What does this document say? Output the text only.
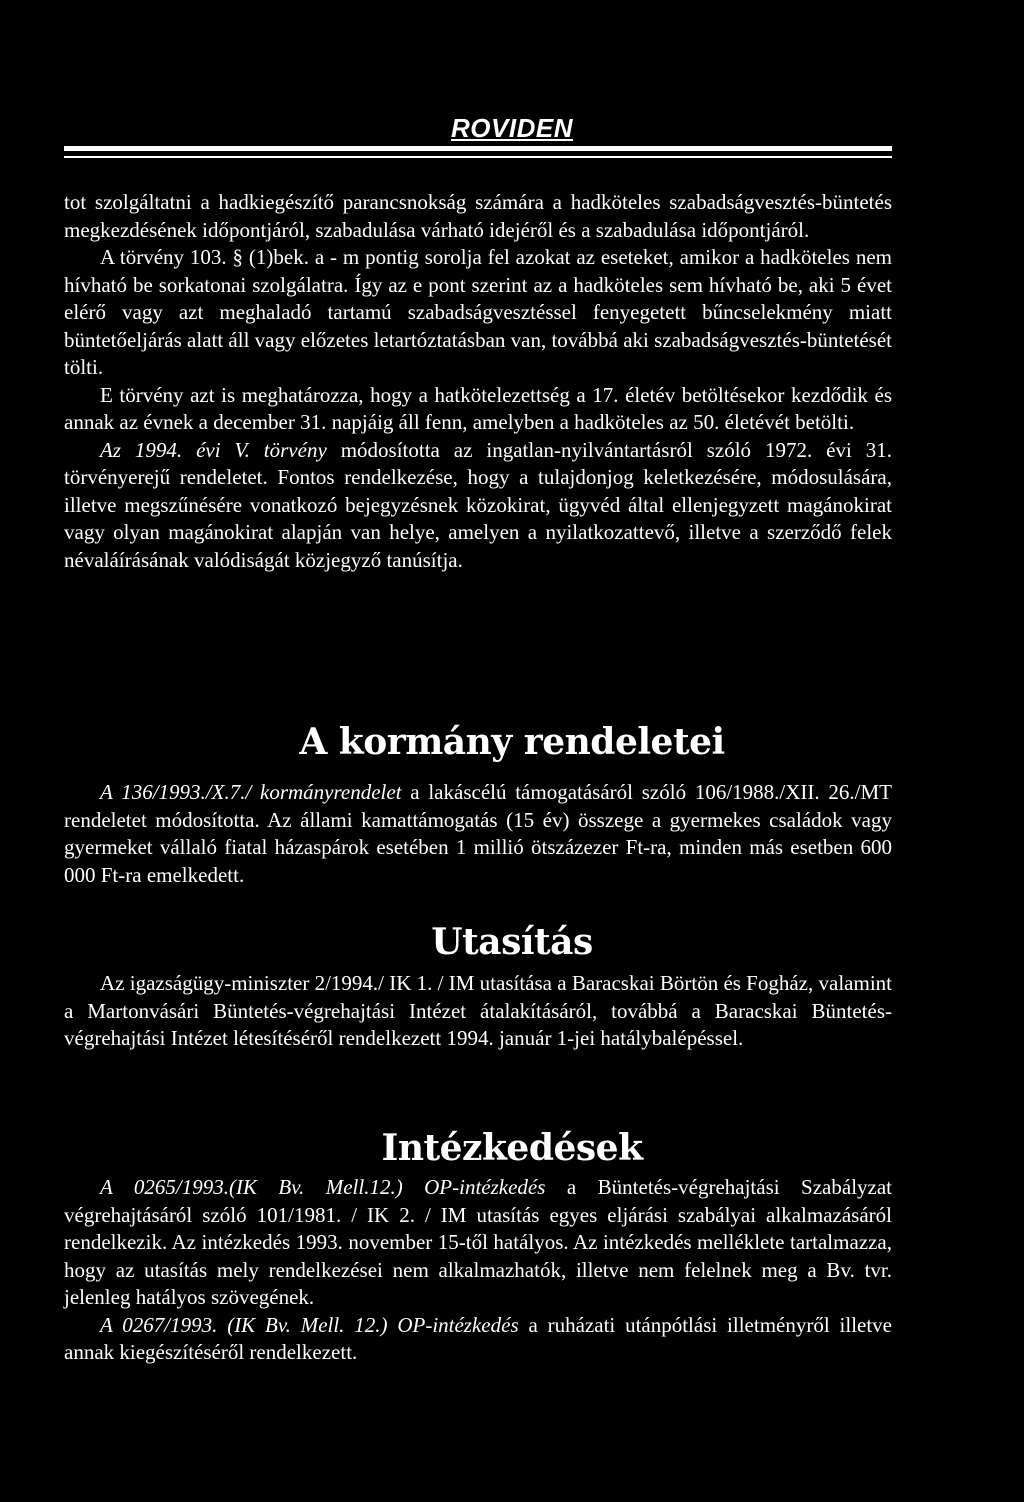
ROVIDEN

tot szolgáltatni a hadkiegészítő parancsnokság számára a hadköteles szabadságvesztés-büntetés megkezdésének időpontjáról, szabadulása várható idejéről és a szabadulása időpontjáról.

A törvény 103. § (1)bek. a - m pontig sorolja fel azokat az eseteket, amikor a hadköteles nem hívható be sorkatonai szolgálatra. Így az e pont szerint az a hadköteles sem hívható be, aki 5 évet elérő vagy azt meghaladó tartamú szabadságvesztéssel fenyegetett bűncselekmény miatt büntetőeljárás alatt áll vagy előzetes letartóztatásban van, továbbá aki szabadságvesztés-büntetését tölti.

E törvény azt is meghatározza, hogy a hatkötelezettség a 17. életév betöltésekor kezdődik és annak az évnek a december 31. napjáig áll fenn, amelyben a hadköteles az 50. életévét betölti.

Az 1994. évi V. törvény módosította az ingatlan-nyilvántartásról szóló 1972. évi 31. törvényerejű rendeletet. Fontos rendelkezése, hogy a tulajdonjog keletkezésére, módosulására, illetve megszűnésére vonatkozó bejegyzésnek közokirat, ügyvéd által ellenjegyzett magánokirat vagy olyan magánokirat alapján van helye, amelyen a nyilatkozattevő, illetve a szerződő felek névaláírásának valódiságát közjegyző tanúsítja.

A kormány rendeletei

A 136/1993./X.7./ kormányrendelet a lakáscélú támogatásáról szóló 106/1988./XII. 26./MT rendeletet módosította. Az állami kamattámogatás (15 év) összege a gyermekes családok vagy gyermeket vállaló fiatal házaspárok esetében 1 millió ötszázezer Ft-ra, minden más esetben 600 000 Ft-ra emelkedett.

Utasítás

Az igazságügy-miniszter 2/1994./ IK 1. / IM utasítása a Baracskai Börtön és Fogház, valamint a Martonvásári Büntetés-végrehajtási Intézet átalakításáról, továbbá a Baracskai Büntetés-végrehajtási Intézet létesítéséről rendelkezett 1994. január 1-jei hatálybalépéssel.

Intézkedések

A 0265/1993.(IK Bv. Mell.12.) OP-intézkedés a Büntetés-végrehajtási Szabályzat végrehajtásáról szóló 101/1981. / IK 2. / IM utasítás egyes eljárási szabályai alkalmazásáról rendelkezik. Az intézkedés 1993. november 15-től hatályos. Az intézkedés melléklete tartalmazza, hogy az utasítás mely rendelkezései nem alkalmazhatók, illetve nem felelnek meg a Bv. tvr. jelenleg hatályos szövegének.

A 0267/1993. (IK Bv. Mell. 12.) OP-intézkedés a ruházati utánpótlási illetményről illetve annak kiegészítéséről rendelkezett.
